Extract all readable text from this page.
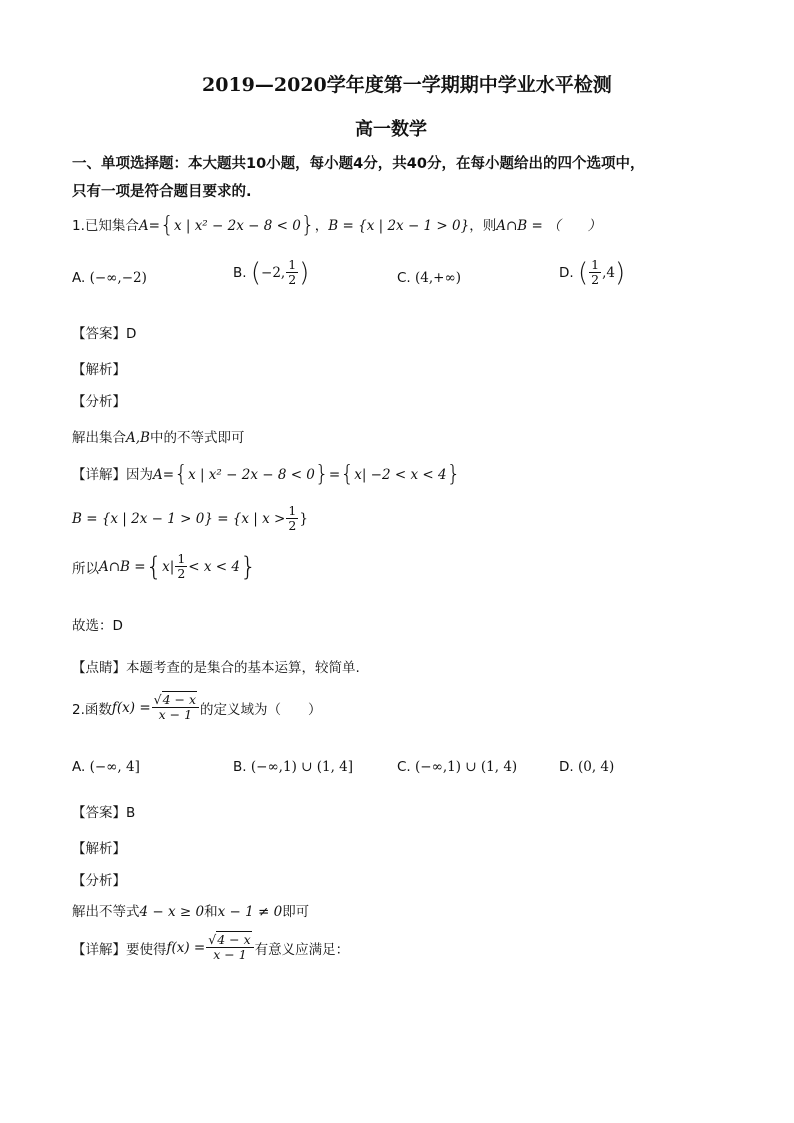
2019—2020学年度第一学期期中学业水平检测
高一数学
一、单项选择题：本大题共10小题，每小题4分，共40分，在每小题给出的四个选项中，
只有一项是符合题目要求的.
1.已知集合A={x | x² − 2x − 8 < 0}，B = {x | 2x − 1 > 0}，则A∩B = （　　）
A. (−∞,−2)	B. (−2, $\frac{1}{2}$ )	C. (4,+∞)	D. ( $\frac{1}{2} ,4$)
【答案】D
【解析】
【分析】
解出集合A,B中的不等式即可
【详解】因为A={x | x² − 2x − 8 < 0}={x| −2 < x < 4}
B = {x | 2x − 1 > 0} = {x | $x > \frac{1}{2}$ }
所以A∩B $=\{x| \frac{1}{2} < x < 4\}$
故选：D
【点睛】本题考查的是集合的基本运算，较简单.
2.函数$f(x) = \frac{√4 - x}{x - 1}$ 的定义域为（　　）
A. (−∞, 4]	B. (−∞,1) ∪ (1, 4]	C. (−∞,1) ∪ (1, 4)	D. (0, 4)
【答案】B
【解析】
【分析】
解出不等式4 − x ≥ 0和x − 1 ≠ 0即可
【详解】要使得$f(x) = \frac{√4 - x}{x - 1}$ 有意义应满足：
